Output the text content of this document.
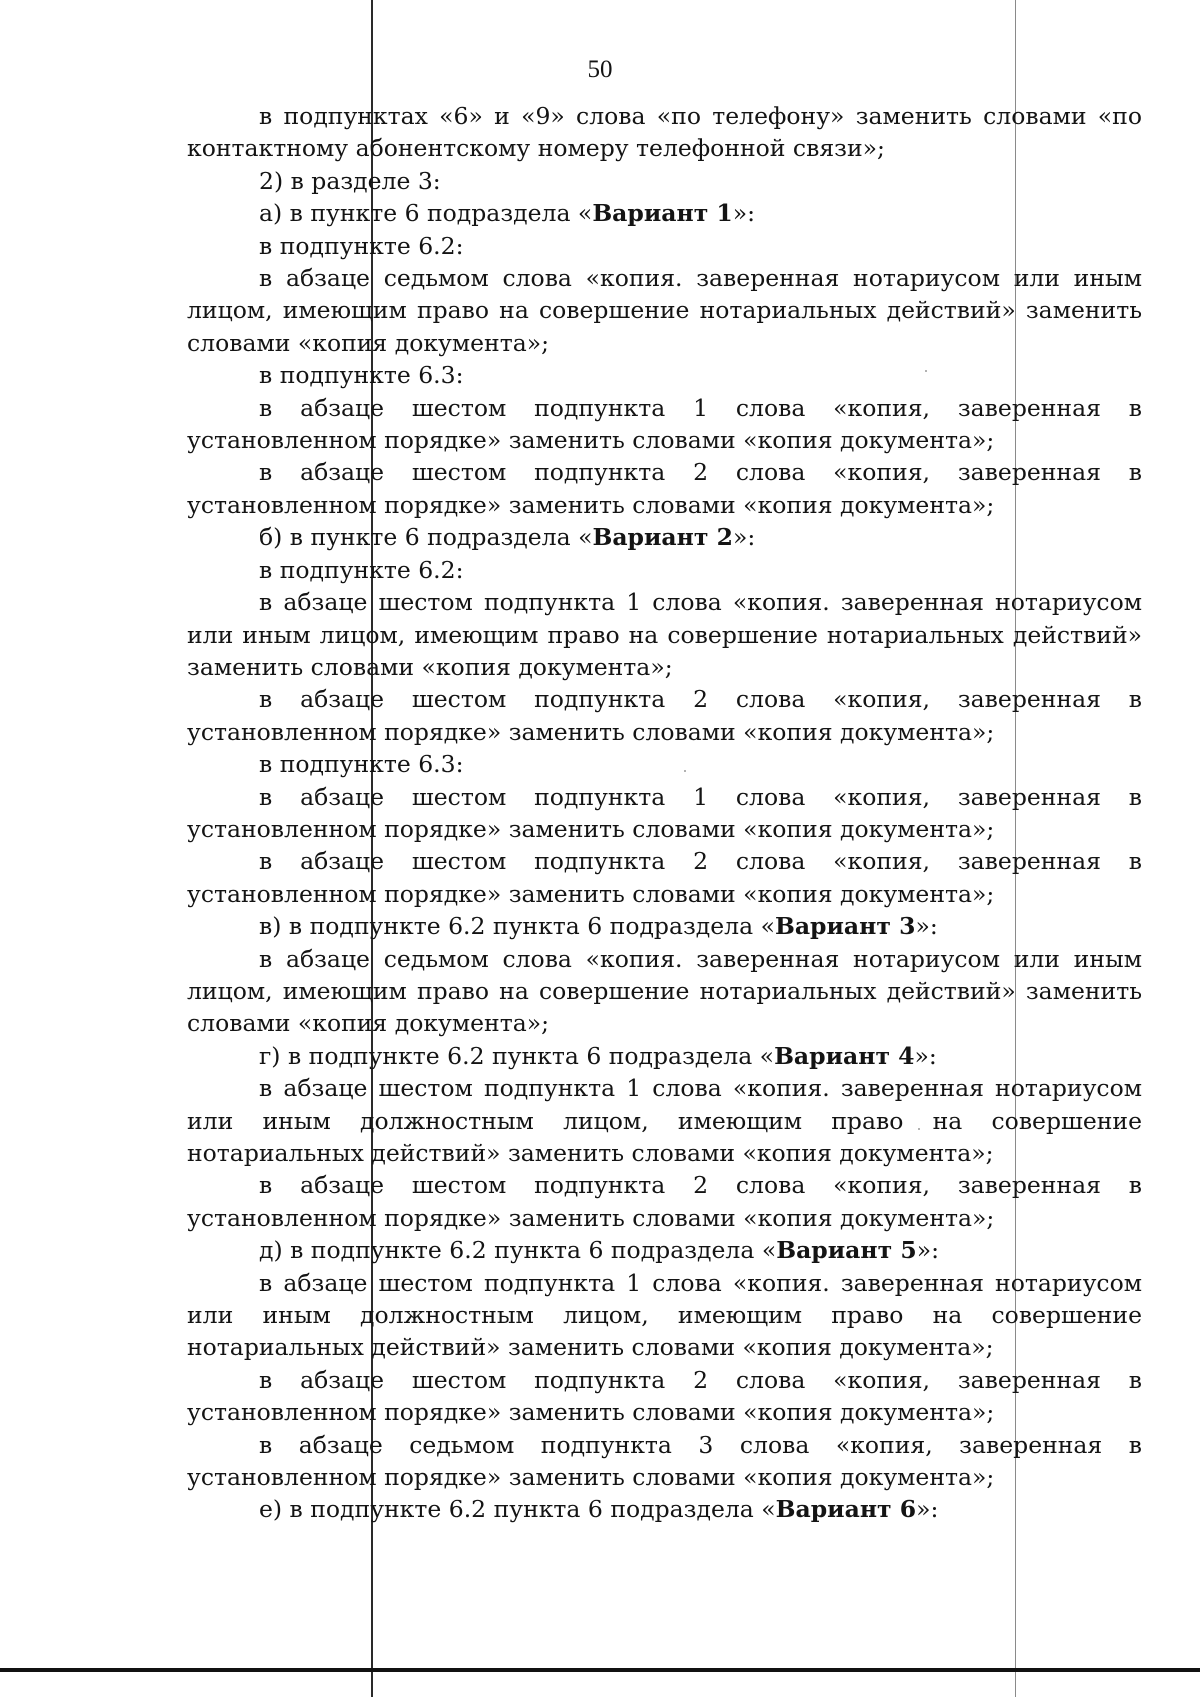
50

в подпунктах «6» и «9» слова «по телефону» заменить словами «по контактному абонентскому номеру телефонной связи»;

2) в разделе 3:

а) в пункте 6 подраздела «Вариант 1»:

в подпункте 6.2:

в абзаце седьмом слова «копия. заверенная нотариусом или иным лицом, имеющим право на совершение нотариальных действий» заменить словами «копия документа»;

в подпункте 6.3:

в абзаце шестом подпункта 1 слова «копия, заверенная в установленном порядке» заменить словами «копия документа»;

в абзаце шестом подпункта 2 слова «копия, заверенная в установленном порядке» заменить словами «копия документа»;

б) в пункте 6 подраздела «Вариант 2»:

в подпункте 6.2:

в абзаце шестом подпункта 1 слова «копия. заверенная нотариусом или иным лицом, имеющим право на совершение нотариальных действий» заменить словами «копия документа»;

в абзаце шестом подпункта 2 слова «копия, заверенная в установленном порядке» заменить словами «копия документа»;

в подпункте 6.3:

в абзаце шестом подпункта 1 слова «копия, заверенная в установленном порядке» заменить словами «копия документа»;

в абзаце шестом подпункта 2 слова «копия, заверенная в установленном порядке» заменить словами «копия документа»;

в) в подпункте 6.2 пункта 6 подраздела «Вариант 3»:

в абзаце седьмом слова «копия. заверенная нотариусом или иным лицом, имеющим право на совершение нотариальных действий» заменить словами «копия документа»;

г) в подпункте 6.2 пункта 6 подраздела «Вариант 4»:

в абзаце шестом подпункта 1 слова «копия. заверенная нотариусом или иным должностным лицом, имеющим право на совершение нотариальных действий» заменить словами «копия документа»;

в абзаце шестом подпункта 2 слова «копия, заверенная в установленном порядке» заменить словами «копия документа»;

д) в подпункте 6.2 пункта 6 подраздела «Вариант 5»:

в абзаце шестом подпункта 1 слова «копия. заверенная нотариусом или иным должностным лицом, имеющим право на совершение нотариальных действий» заменить словами «копия документа»;

в абзаце шестом подпункта 2 слова «копия, заверенная в установленном порядке» заменить словами «копия документа»;

в абзаце седьмом подпункта 3 слова «копия, заверенная в установленном порядке» заменить словами «копия документа»;

е) в подпункте 6.2 пункта 6 подраздела «Вариант 6»:
